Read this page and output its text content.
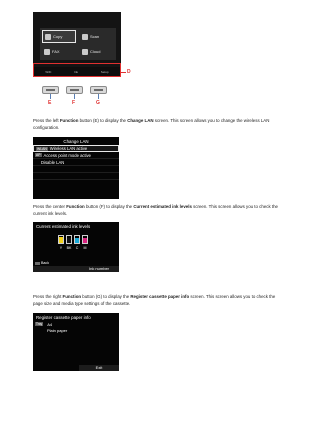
Copy	Scan
FAX	Cloud
WiFi	Ink	Setup	D
E	F	G

Press the left Function button (E) to display the Change LAN screen. This screen allows you to change the wireless LAN configuration.

Change LAN
WLAN Wireless LAN active
AP Access point mode active
Disable LAN

Press the center Function button (F) to display the Current estimated ink levels screen. This screen allows you to check the current ink levels.

Current estimated ink levels
Y	BK	C	M
Back
Ink number

Press the right Function button (G) to display the Register cassette paper info screen. This screen allows you to check the page size and media type settings of the cassette.

Register cassette paper info
Tray A4
Plain paper
Exit
